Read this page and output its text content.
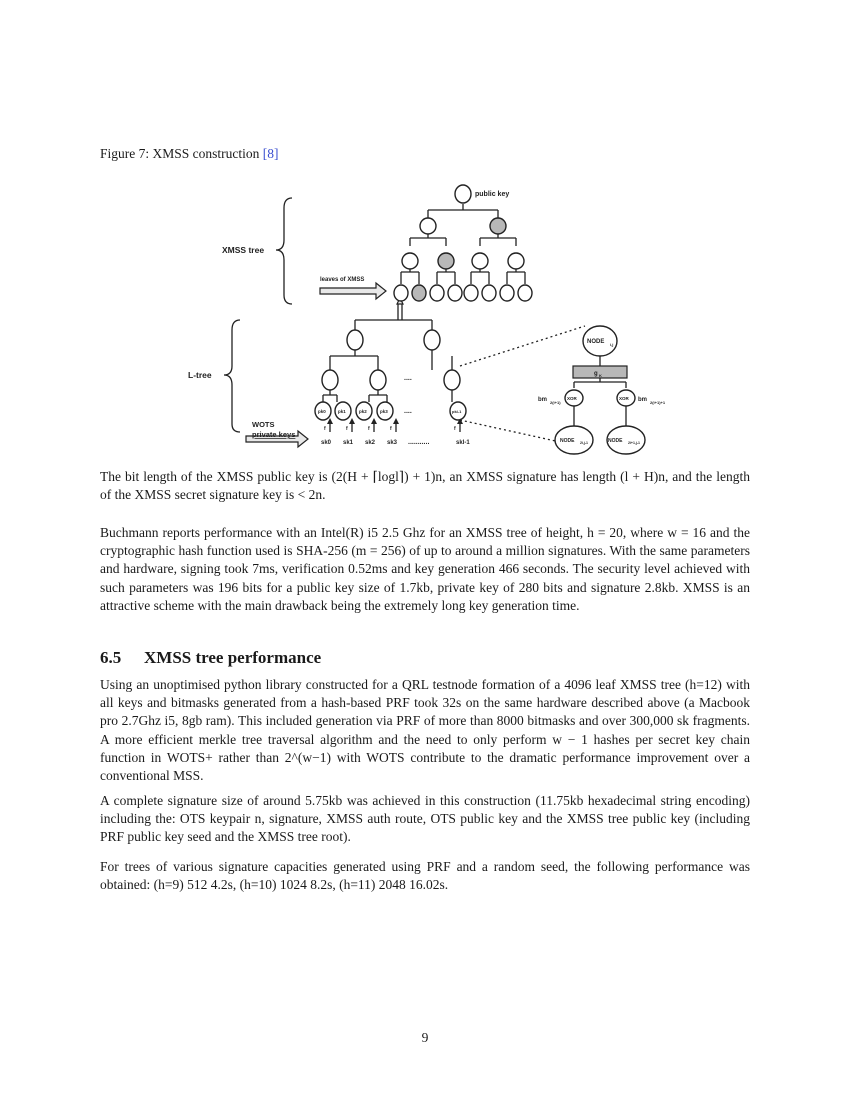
Figure 7: XMSS construction [8]
public key
XMSS tree
leaves of XMSS
L-tree
WOTS
private keys
NODE i,j
g K
bm 2(i+1)	bm 2(i+1)+1
XOR	XOR
NODE 2i,j-1	NODE 2i+1,j-1
pk0	pk1	pk2	pk3	pkl-1
f	f	f	f	f
sk0 sk1 sk2 sk3	skl-1
....
....
...........

The bit length of the XMSS public key is (2(H + ⌈logl⌉) + 1)n, an XMSS signature has length (l + H)n, and the length of the XMSS secret signature key is < 2n.

Buchmann reports performance with an Intel(R) i5 2.5 Ghz for an XMSS tree of height, h = 20, where w = 16 and the cryptographic hash function used is SHA-256 (m = 256) of up to around a million signatures. With the same parameters and hardware, signing took 7ms, verification 0.52ms and key generation 466 seconds. The security level achieved with such parameters was 196 bits for a public key size of 1.7kb, private key of 280 bits and signature 2.8kb. XMSS is an attractive scheme with the main drawback being the extremely long key generation time.

6.5 XMSS tree performance

Using an unoptimised python library constructed for a QRL testnode formation of a 4096 leaf XMSS tree (h=12) with all keys and bitmasks generated from a hash-based PRF took 32s on the same hardware described above (a Macbook pro 2.7Ghz i5, 8gb ram). This included generation via PRF of more than 8000 bitmasks and over 300,000 sk fragments. A more efficient merkle tree traversal algorithm and the need to only perform w − 1 hashes per secret key chain function in WOTS+ rather than 2^(w−1) with WOTS contribute to the dramatic performance improvement over a conventional MSS.

A complete signature size of around 5.75kb was achieved in this construction (11.75kb hexadecimal string encoding) including the: OTS keypair n, signature, XMSS auth route, OTS public key and the XMSS tree public key (including PRF public key seed and the XMSS tree root).

For trees of various signature capacities generated using PRF and a random seed, the following performance was obtained: (h=9) 512 4.2s, (h=10) 1024 8.2s, (h=11) 2048 16.02s.

9
